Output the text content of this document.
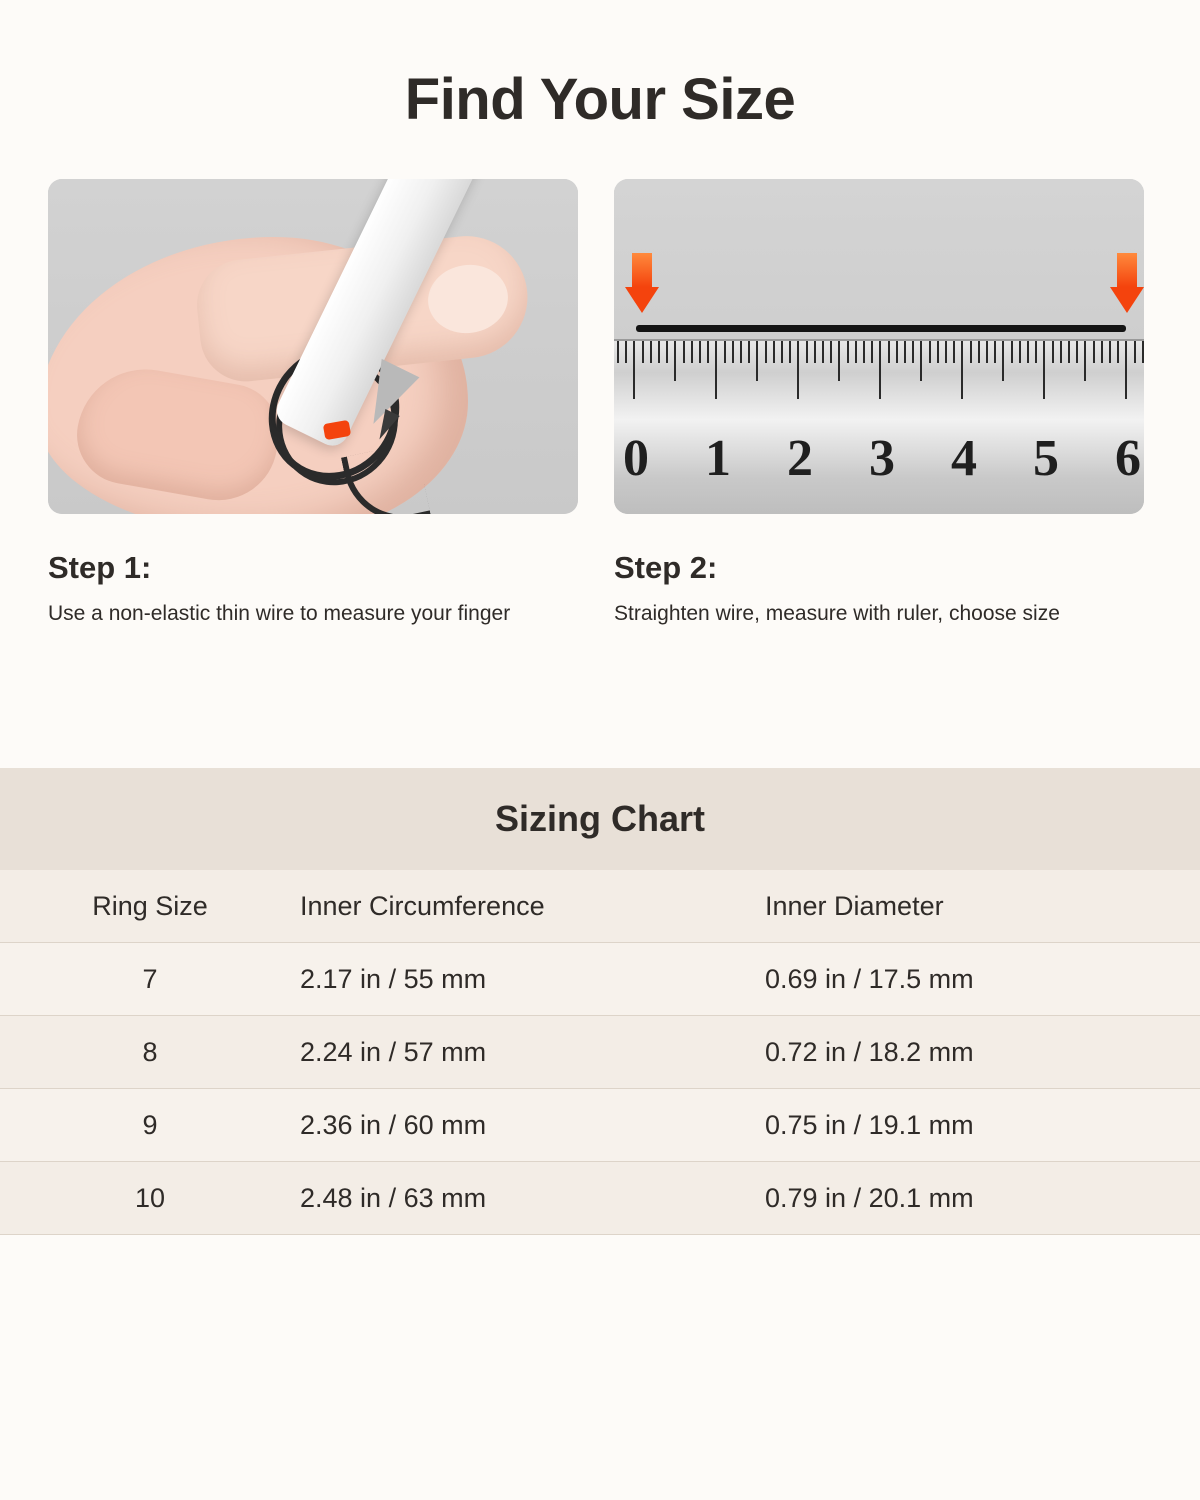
Find Your Size

Step 1:

Use a non-elastic thin wire to measure your finger

0 1 2 3 4 5 6

Step 2:

Straighten wire, measure with ruler, choose size

Sizing Chart
Ring Size	Inner Circumference	Inner Diameter
7	2.17 in / 55 mm	0.69 in / 17.5 mm
8	2.24 in / 57 mm	0.72 in / 18.2 mm
9	2.36 in / 60 mm	0.75 in / 19.1 mm
10	2.48 in / 63 mm	0.79 in / 20.1 mm
